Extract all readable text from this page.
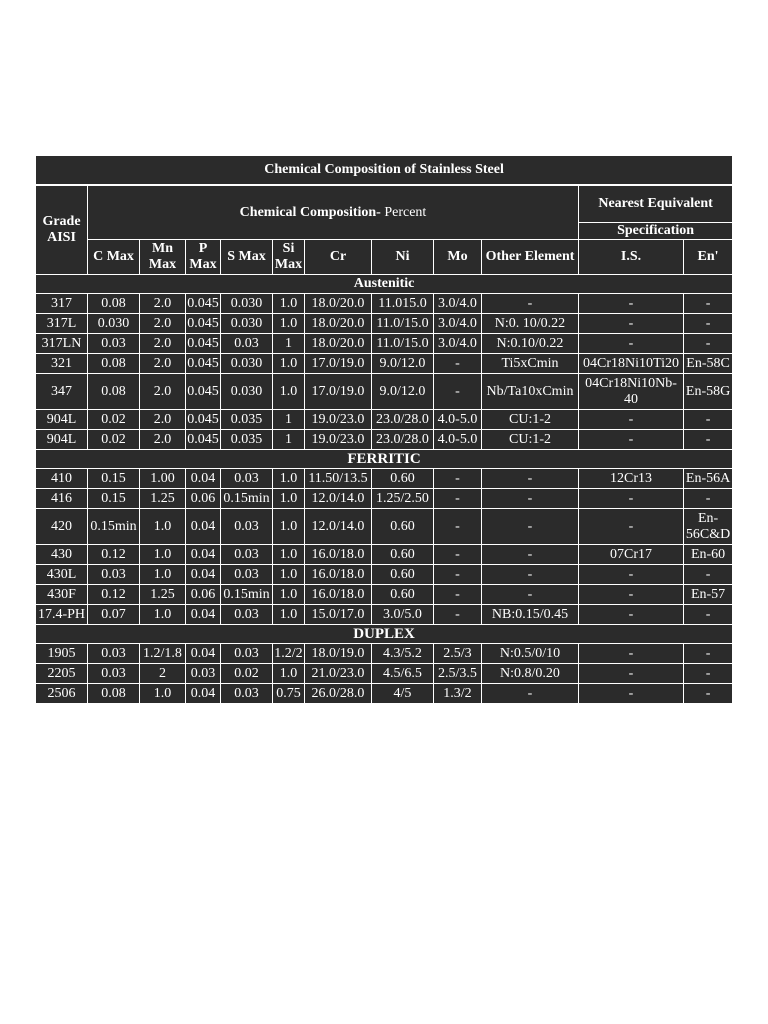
Chemical Composition of Stainless Steel											
Grade AISI	Chemical Composition- Percent									Nearest Equivalent	
										Specification	
	C Max	Mn Max	P Max	S Max	Si Max	Cr	Ni	Mo	Other Element	I.S.	En'
Austenitic											
317	0.08	2.0	0.045	0.030	1.0	18.0/20.0	11.015.0	3.0/4.0	-	-	-
317L	0.030	2.0	0.045	0.030	1.0	18.0/20.0	11.0/15.0	3.0/4.0	N:0. 10/0.22	-	-
317LN	0.03	2.0	0.045	0.03	1	18.0/20.0	11.0/15.0	3.0/4.0	N:0.10/0.22	-	-
321	0.08	2.0	0.045	0.030	1.0	17.0/19.0	9.0/12.0	-	Ti5xCmin	04Cr18Ni10Ti20	En-58C
347	0.08	2.0	0.045	0.030	1.0	17.0/19.0	9.0/12.0	-	Nb/Ta10xCmin	04Cr18Ni10Nb-40	En-58G
904L	0.02	2.0	0.045	0.035	1	19.0/23.0	23.0/28.0	4.0-5.0	CU:1-2	-	-
904L	0.02	2.0	0.045	0.035	1	19.0/23.0	23.0/28.0	4.0-5.0	CU:1-2	-	-
FERRITIC											
410	0.15	1.00	0.04	0.03	1.0	11.50/13.5	0.60	-	-	12Cr13	En-56A
416	0.15	1.25	0.06	0.15min	1.0	12.0/14.0	1.25/2.50	-	-	-	-
420	0.15min	1.0	0.04	0.03	1.0	12.0/14.0	0.60	-	-	-	En-56C&D
430	0.12	1.0	0.04	0.03	1.0	16.0/18.0	0.60	-	-	07Cr17	En-60
430L	0.03	1.0	0.04	0.03	1.0	16.0/18.0	0.60	-	-	-	-
430F	0.12	1.25	0.06	0.15min	1.0	16.0/18.0	0.60	-	-	-	En-57
17.4-PH	0.07	1.0	0.04	0.03	1.0	15.0/17.0	3.0/5.0	-	NB:0.15/0.45	-	-
DUPLEX											
1905	0.03	1.2/1.8	0.04	0.03	1.2/2	18.0/19.0	4.3/5.2	2.5/3	N:0.5/0/10	-	-
2205	0.03	2	0.03	0.02	1.0	21.0/23.0	4.5/6.5	2.5/3.5	N:0.8/0.20	-	-
2506	0.08	1.0	0.04	0.03	0.75	26.0/28.0	4/5	1.3/2	-	-	-
